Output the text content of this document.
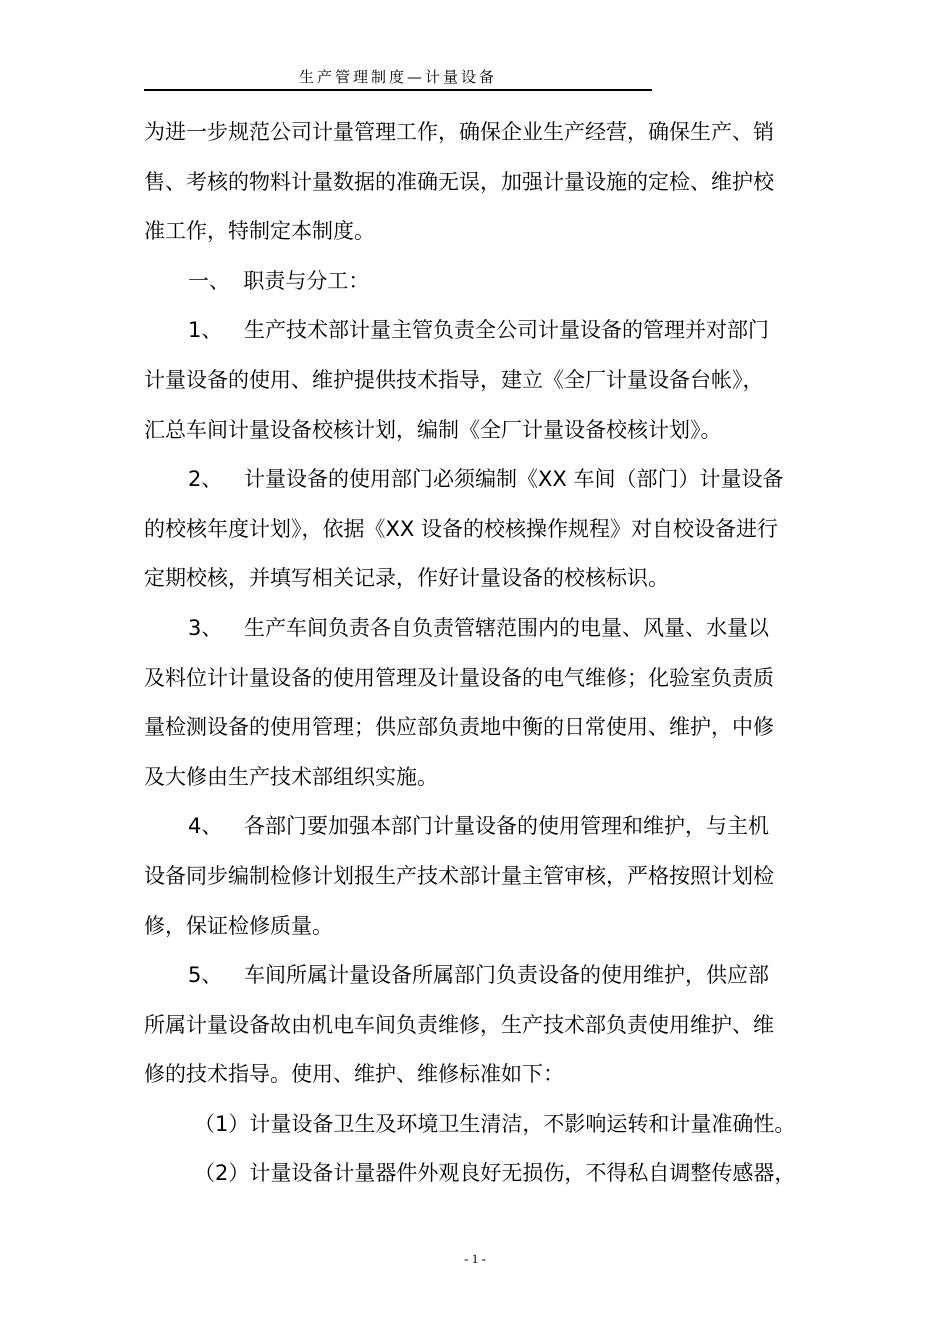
生产管理制度—计量设备

为进一步规范公司计量管理工作，确保企业生产经营，确保生产、销
售、考核的物料计量数据的准确无误，加强计量设施的定检、维护校
准工作，特制定本制度。

一、  职责与分工：

1、 生产技术部计量主管负责全公司计量设备的管理并对部门
计量设备的使用、维护提供技术指导，建立《全厂计量设备台帐》，
汇总车间计量设备校核计划，编制《全厂计量设备校核计划》。

2、 计量设备的使用部门必须编制《XX 车间（部门）计量设备
的校核年度计划》，依据《XX 设备的校核操作规程》对自校设备进行
定期校核，并填写相关记录，作好计量设备的校核标识。

3、 生产车间负责各自负责管辖范围内的电量、风量、水量以
及料位计计量设备的使用管理及计量设备的电气维修；化验室负责质
量检测设备的使用管理；供应部负责地中衡的日常使用、维护，中修
及大修由生产技术部组织实施。

4、 各部门要加强本部门计量设备的使用管理和维护，与主机
设备同步编制检修计划报生产技术部计量主管审核，严格按照计划检
修，保证检修质量。

5、 车间所属计量设备所属部门负责设备的使用维护，供应部
所属计量设备故由机电车间负责维修，生产技术部负责使用维护、维
修的技术指导。使用、维护、维修标准如下：

（1）计量设备卫生及环境卫生清洁，不影响运转和计量准确性。
（2）计量设备计量器件外观良好无损伤，不得私自调整传感器，

- 1 -
